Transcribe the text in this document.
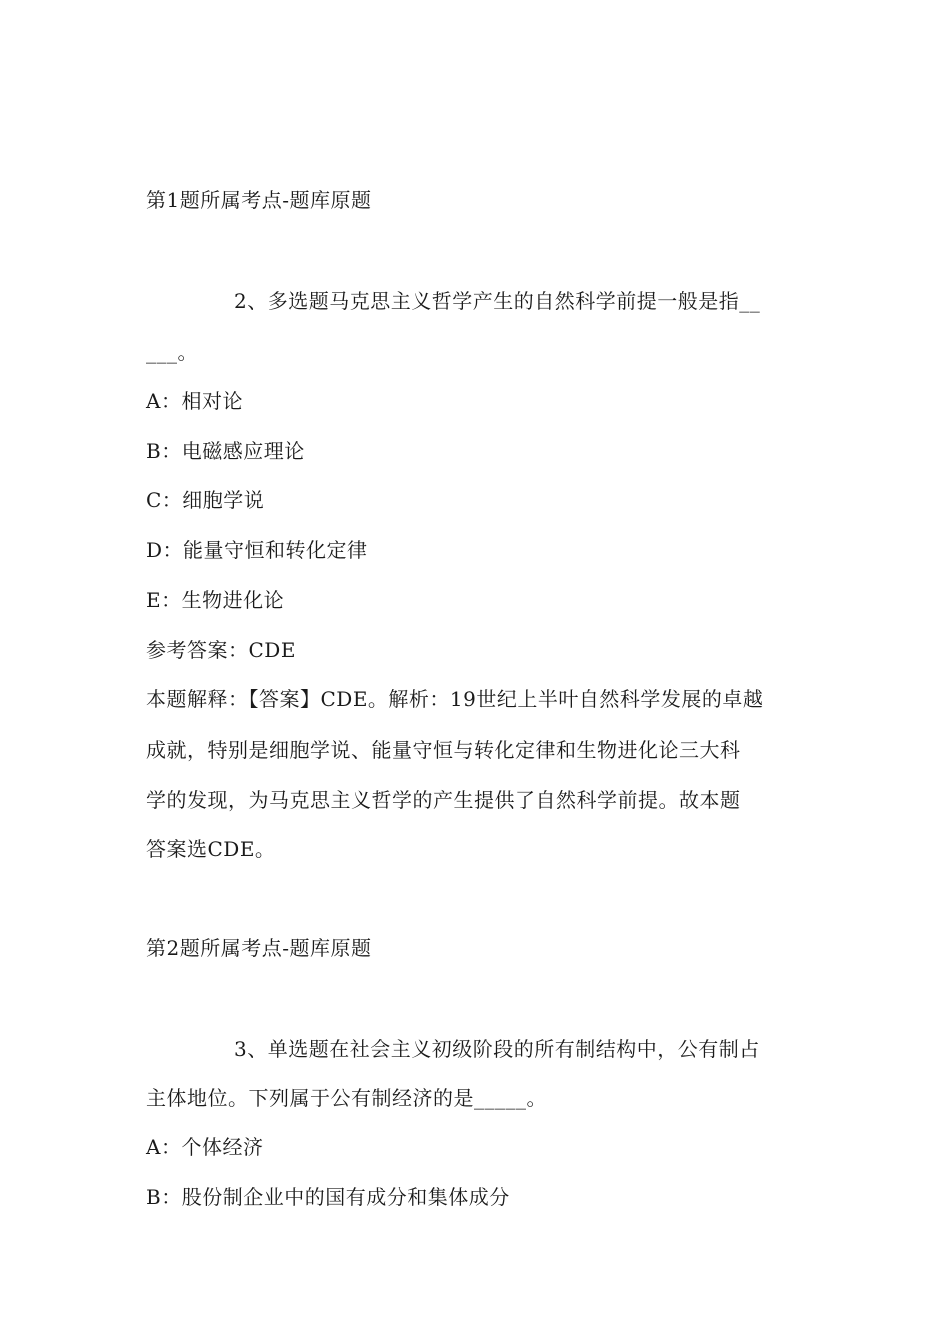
第1题所属考点-题库原题
2、多选题马克思主义哲学产生的自然科学前提一般是指__
___。
A：相对论
B：电磁感应理论
C：细胞学说
D：能量守恒和转化定律
E：生物进化论
参考答案：CDE
本题解释：【答案】CDE。解析：19世纪上半叶自然科学发展的卓越
成就，特别是细胞学说、能量守恒与转化定律和生物进化论三大科
学的发现，为马克思主义哲学的产生提供了自然科学前提。故本题
答案选CDE。
第2题所属考点-题库原题
3、单选题在社会主义初级阶段的所有制结构中，公有制占
主体地位。下列属于公有制经济的是_____。
A：个体经济
B：股份制企业中的国有成分和集体成分
